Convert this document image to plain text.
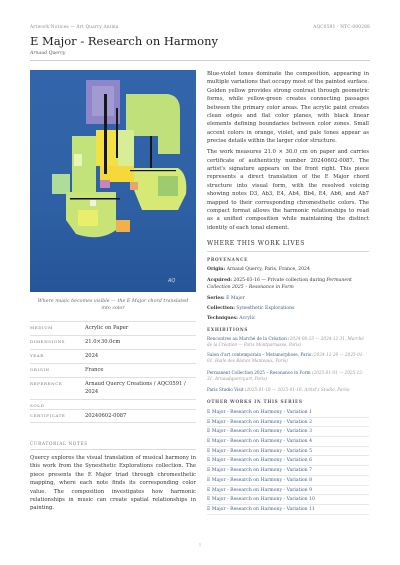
Artwork Notices — Art Quarry Anima	AQC0591 · NTC-000288
E Major - Research on Harmony
Arnaud Quercy
AQ
Where music becomes visible — the E Major chord translated into color
MEDIUM	Acrylic on Paper
DIMENSIONS	21.0×30.0cm
YEAR	2024
ORIGIN	France
REFERENCE	Arnaud Quercy Creations / AQC0591 / 2024
SOLD
CERTIFICATE	20240602-0087
CURATORIAL NOTES

Quercy explores the visual translation of musical harmony in this work from the Synesthetic Explorations collection. The piece presents the E Major triad through chromesthetic mapping, where each note finds its corresponding color value. The composition investigates how harmonic relationships in music can create spatial relationships in painting.

Blue-violet tones dominate the composition, appearing in multiple variations that occupy most of the painted surface. Golden yellow provides strong contrast through geometric forms, while yellow-green creates connecting passages between the primary color areas. The acrylic paint creates clean edges and flat color planes, with black linear elements defining boundaries between color zones. Small accent colors in orange, violet, and pale tones appear as precise details within the larger color structure.

The work measures 21.0 × 30.0 cm on paper and carries certificate of authenticity number 20240602-0087. The artist's signature appears on the front right. This piece represents a direct translation of the E Major chord structure into visual form, with the resolved voicing showing notes D3, Ab3, E4, Ab4, Bb4, E4, Ab6, and Ab7 mapped to their corresponding chromesthetic colors. The compact format allows the harmonic relationships to read as a unified composition while maintaining the distinct identity of each tonal element.

WHERE THIS WORK LIVES
PROVENANCE
Origin: Arnaud Quercy, Paris, France, 2024
Acquired: 2025-03-16 — Private collection during Permanent Collection 2025 – Resonance in Form
Series: E Major
Collection: Synesthetic Explorations
Techniques: Acrylic
EXHIBITIONS
Rencontres au Marché de la Création (2024-06-23 — 2024-12-31, Marché de la Création — Paris Montparnasse, Paris)
Salon d'art contemporain – Metamorphose, Paris (2024-11-26 — 2025-01-01, Halle des Blancs Manteaux, Paris)
Permanent Collection 2025 – Resonance in Form (2025-01-01 — 2025-12-31, Arnaudquercy.art, Paris)
Paris Studio Visit (2025-01-18 — 2025-01-18, Artist's Studio, Paris)
OTHER WORKS IN THIS SERIES
E Major - Research on Harmony - Variation 1
E Major - Research on Harmony - Variation 2
E Major - Research on Harmony - Variation 3
E Major - Research on Harmony - Variation 4
E Major - Research on Harmony - Variation 5
E Major - Research on Harmony - Variation 6
E Major - Research on Harmony - Variation 7
E Major - Research on Harmony - Variation 8
E Major - Research on Harmony - Variation 9
E Major - Research on Harmony - Variation 10
E Major - Research on Harmony - Variation 11
1
